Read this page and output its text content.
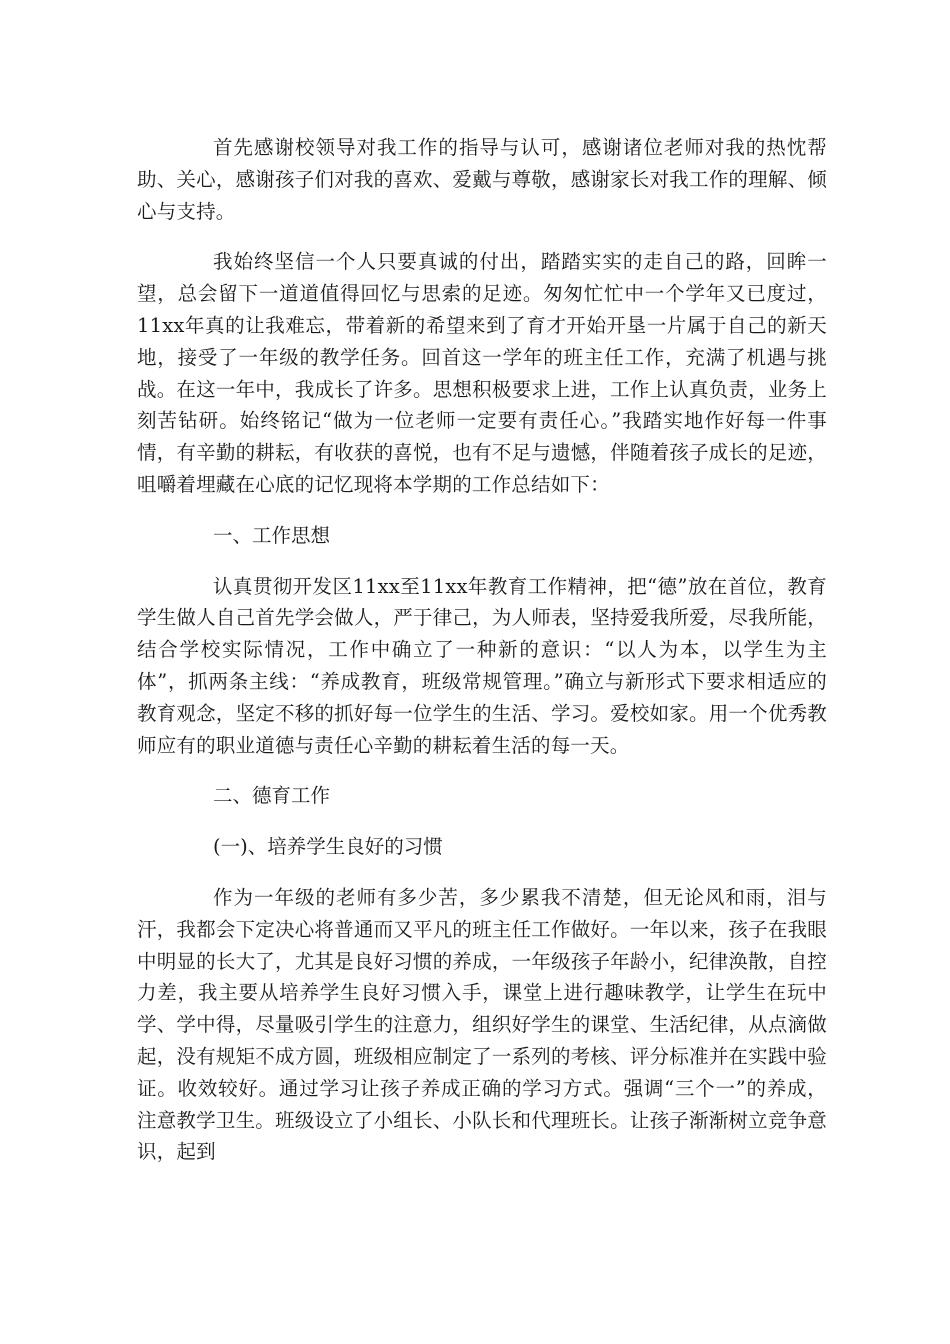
首先感谢校领导对我工作的指导与认可，感谢诸位老师对我的热忱帮助、关心，感谢孩子们对我的喜欢、爱戴与尊敬，感谢家长对我工作的理解、倾心与支持。

我始终坚信一个人只要真诚的付出，踏踏实实的走自己的路，回眸一望，总会留下一道道值得回忆与思索的足迹。匆匆忙忙中一个学年又已度过，11xx年真的让我难忘，带着新的希望来到了育才开始开垦一片属于自己的新天地，接受了一年级的教学任务。回首这一学年的班主任工作，充满了机遇与挑战。在这一年中，我成长了许多。思想积极要求上进，工作上认真负责，业务上刻苦钻研。始终铭记“做为一位老师一定要有责任心。”我踏实地作好每一件事情，有辛勤的耕耘，有收获的喜悦，也有不足与遗憾，伴随着孩子成长的足迹，咀嚼着埋藏在心底的记忆现将本学期的工作总结如下：

一、工作思想

认真贯彻开发区11xx至11xx年教育工作精神，把“德”放在首位，教育学生做人自己首先学会做人，严于律己，为人师表，坚持爱我所爱，尽我所能，结合学校实际情况，工作中确立了一种新的意识：“以人为本，以学生为主体”，抓两条主线：“养成教育，班级常规管理。”确立与新形式下要求相适应的教育观念，坚定不移的抓好每一位学生的生活、学习。爱校如家。用一个优秀教师应有的职业道德与责任心辛勤的耕耘着生活的每一天。

二、德育工作

(一)、培养学生良好的习惯

作为一年级的老师有多少苦，多少累我不清楚，但无论风和雨，泪与汗，我都会下定决心将普通而又平凡的班主任工作做好。一年以来，孩子在我眼中明显的长大了，尤其是良好习惯的养成，一年级孩子年龄小，纪律涣散，自控力差，我主要从培养学生良好习惯入手，课堂上进行趣味教学，让学生在玩中学、学中得，尽量吸引学生的注意力，组织好学生的课堂、生活纪律，从点滴做起，没有规矩不成方圆，班级相应制定了一系列的考核、评分标准并在实践中验证。收效较好。通过学习让孩子养成正确的学习方式。强调“三个一”的养成，注意教学卫生。班级设立了小组长、小队长和代理班长。让孩子渐渐树立竞争意识，起到
